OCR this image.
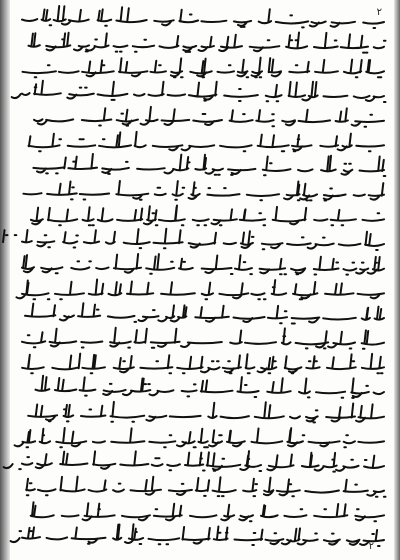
٢
٢
